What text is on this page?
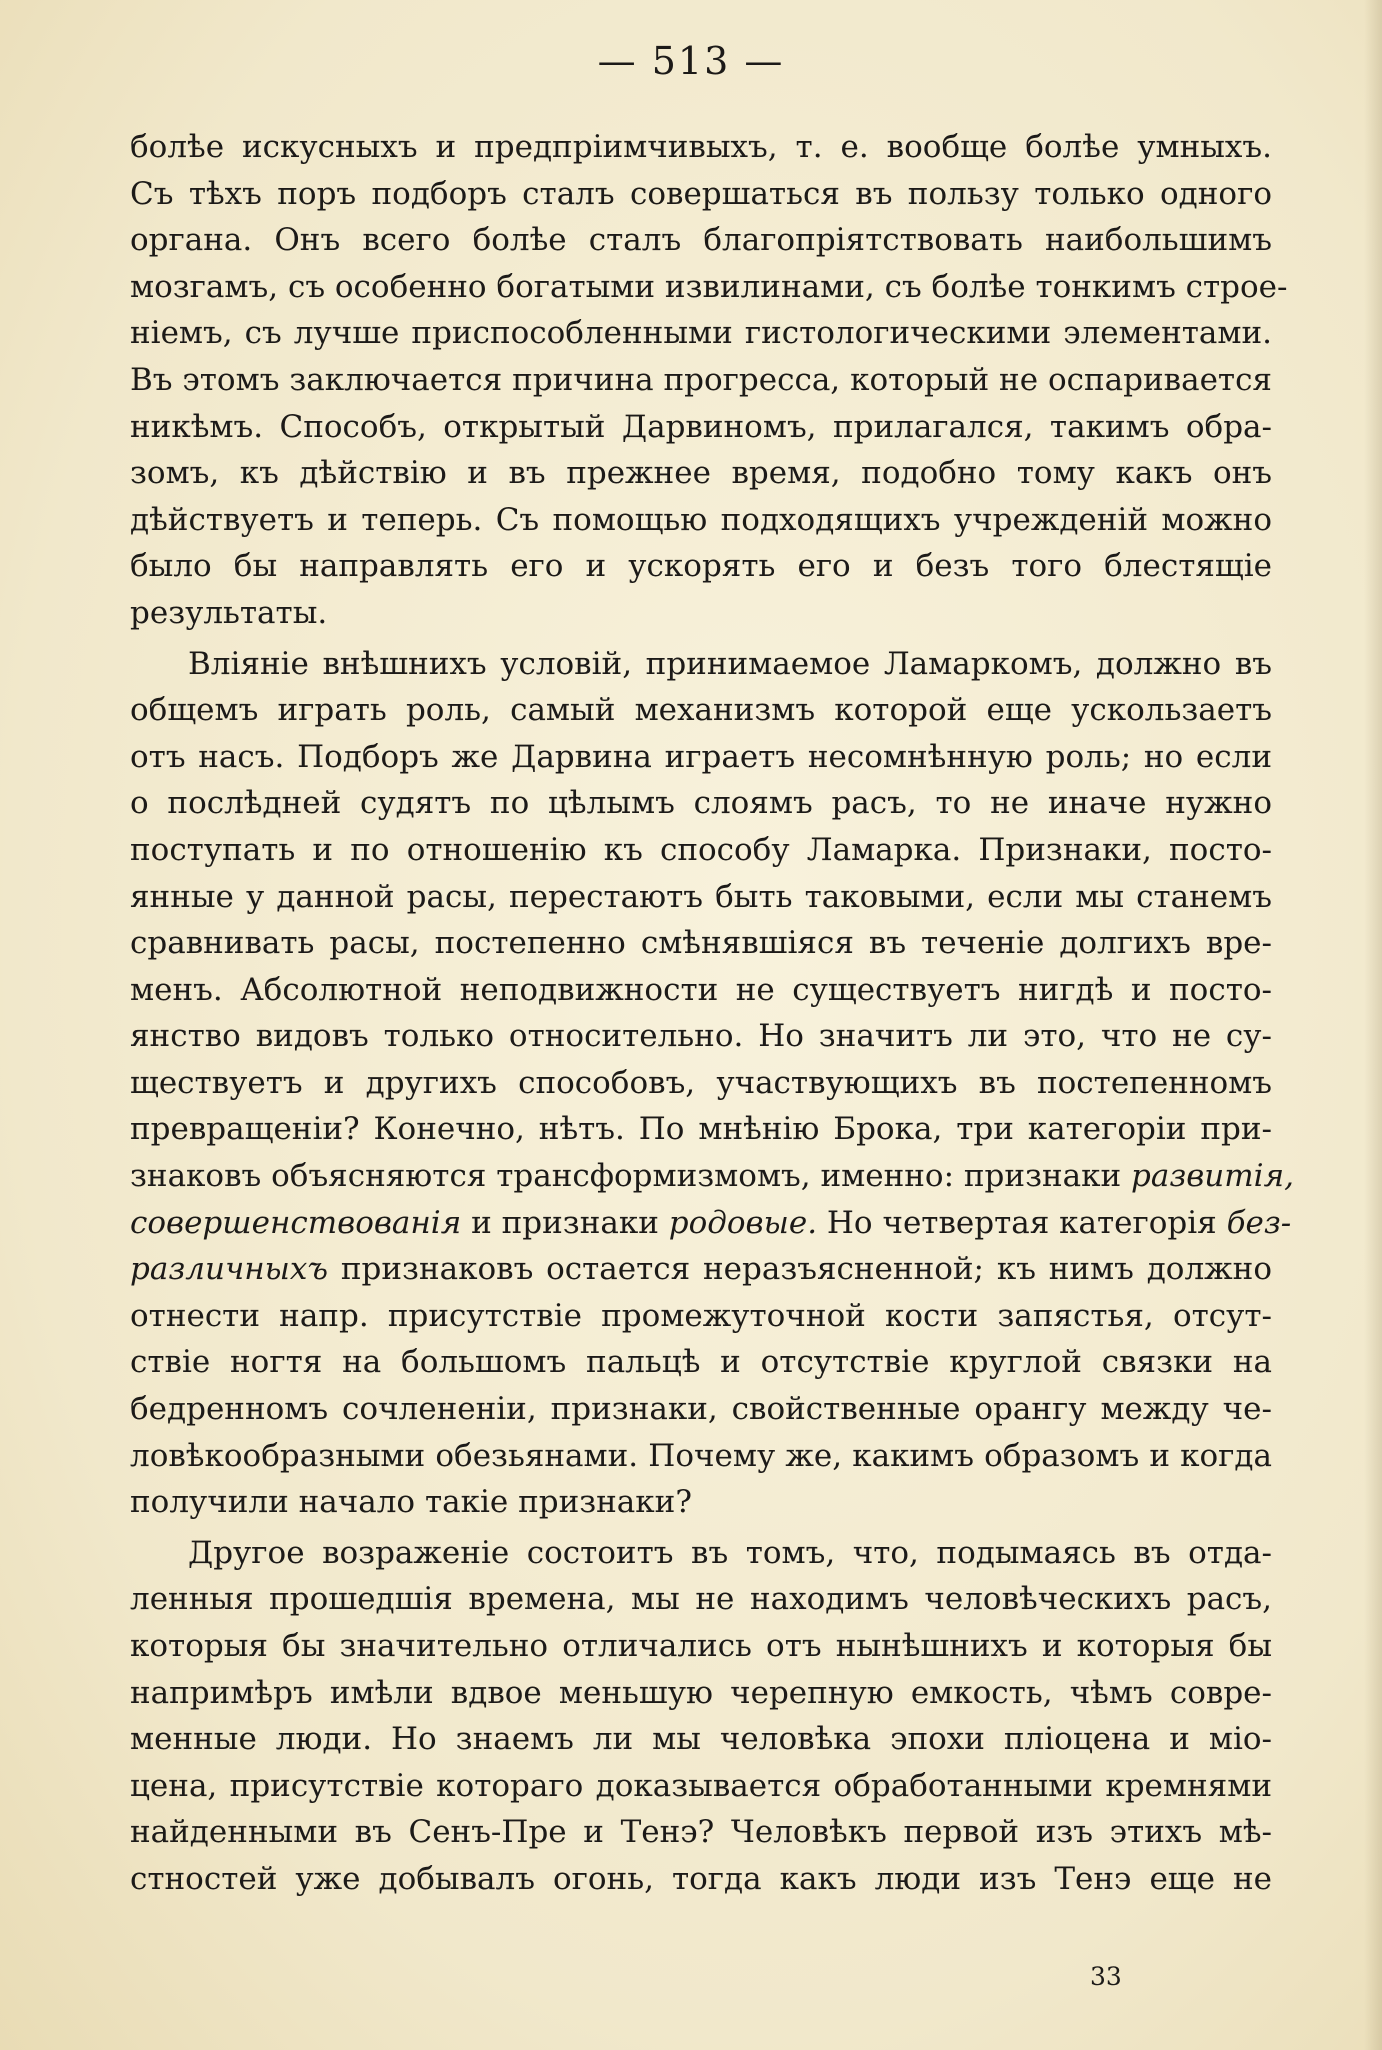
— 513 —
болѣе искусныхъ и предпріимчивыхъ, т. е. вообще болѣе умныхъ.
Съ тѣхъ поръ подборъ сталъ совершаться въ пользу только одного
органа. Онъ всего болѣе сталъ благопріятствовать наибольшимъ
мозгамъ, съ особенно богатыми извилинами, съ болѣе тонкимъ строе-
ніемъ, съ лучше приспособленными гистологическими элементами.
Въ этомъ заключается причина прогресса, который не оспаривается
никѣмъ. Способъ, открытый Дарвиномъ, прилагался, такимъ обра-
зомъ, къ дѣйствію и въ прежнее время, подобно тому какъ онъ
дѣйствуетъ и теперь. Съ помощью подходящихъ учрежденій можно
было бы направлять его и ускорять его и безъ того блестящіе
результаты.
Вліяніе внѣшнихъ условій, принимаемое Ламаркомъ, должно въ
общемъ играть роль, самый механизмъ которой еще ускользаетъ
отъ насъ. Подборъ же Дарвина играетъ несомнѣнную роль; но если
о послѣдней судятъ по цѣлымъ слоямъ расъ, то не иначе нужно
поступать и по отношенію къ способу Ламарка. Признаки, посто-
янные у данной расы, перестаютъ быть таковыми, если мы станемъ
сравнивать расы, постепенно смѣнявшіяся въ теченіе долгихъ вре-
менъ. Абсолютной неподвижности не существуетъ нигдѣ и посто-
янство видовъ только относительно. Но значитъ ли это, что не су-
ществуетъ и другихъ способовъ, участвующихъ въ постепенномъ
превращеніи? Конечно, нѣтъ. По мнѣнію Брока, три категоріи при-
знаковъ объясняются трансформизмомъ, именно: признаки развитія,
совершенствованія и признаки родовые. Но четвертая категорія без-
различныхъ признаковъ остается неразъясненной; къ нимъ должно
отнести напр. присутствіе промежуточной кости запястья, отсут-
ствіе ногтя на большомъ пальцѣ и отсутствіе круглой связки на
бедренномъ сочлененіи, признаки, свойственные орангу между че-
ловѣкообразными обезьянами. Почему же, какимъ образомъ и когда
получили начало такіе признаки?
Другое возраженіе состоитъ въ томъ, что, подымаясь въ отда-
ленныя прошедшія времена, мы не находимъ человѣческихъ расъ,
которыя бы значительно отличались отъ нынѣшнихъ и которыя бы
напримѣръ имѣли вдвое меньшую черепную емкость, чѣмъ совре-
менные люди. Но знаемъ ли мы человѣка эпохи пліоцена и міо-
цена, присутствіе котораго доказывается обработанными кремнями
найденными въ Сенъ-Пре и Тенэ? Человѣкъ первой изъ этихъ мѣ-
стностей уже добывалъ огонь, тогда какъ люди изъ Тенэ еще не
33
